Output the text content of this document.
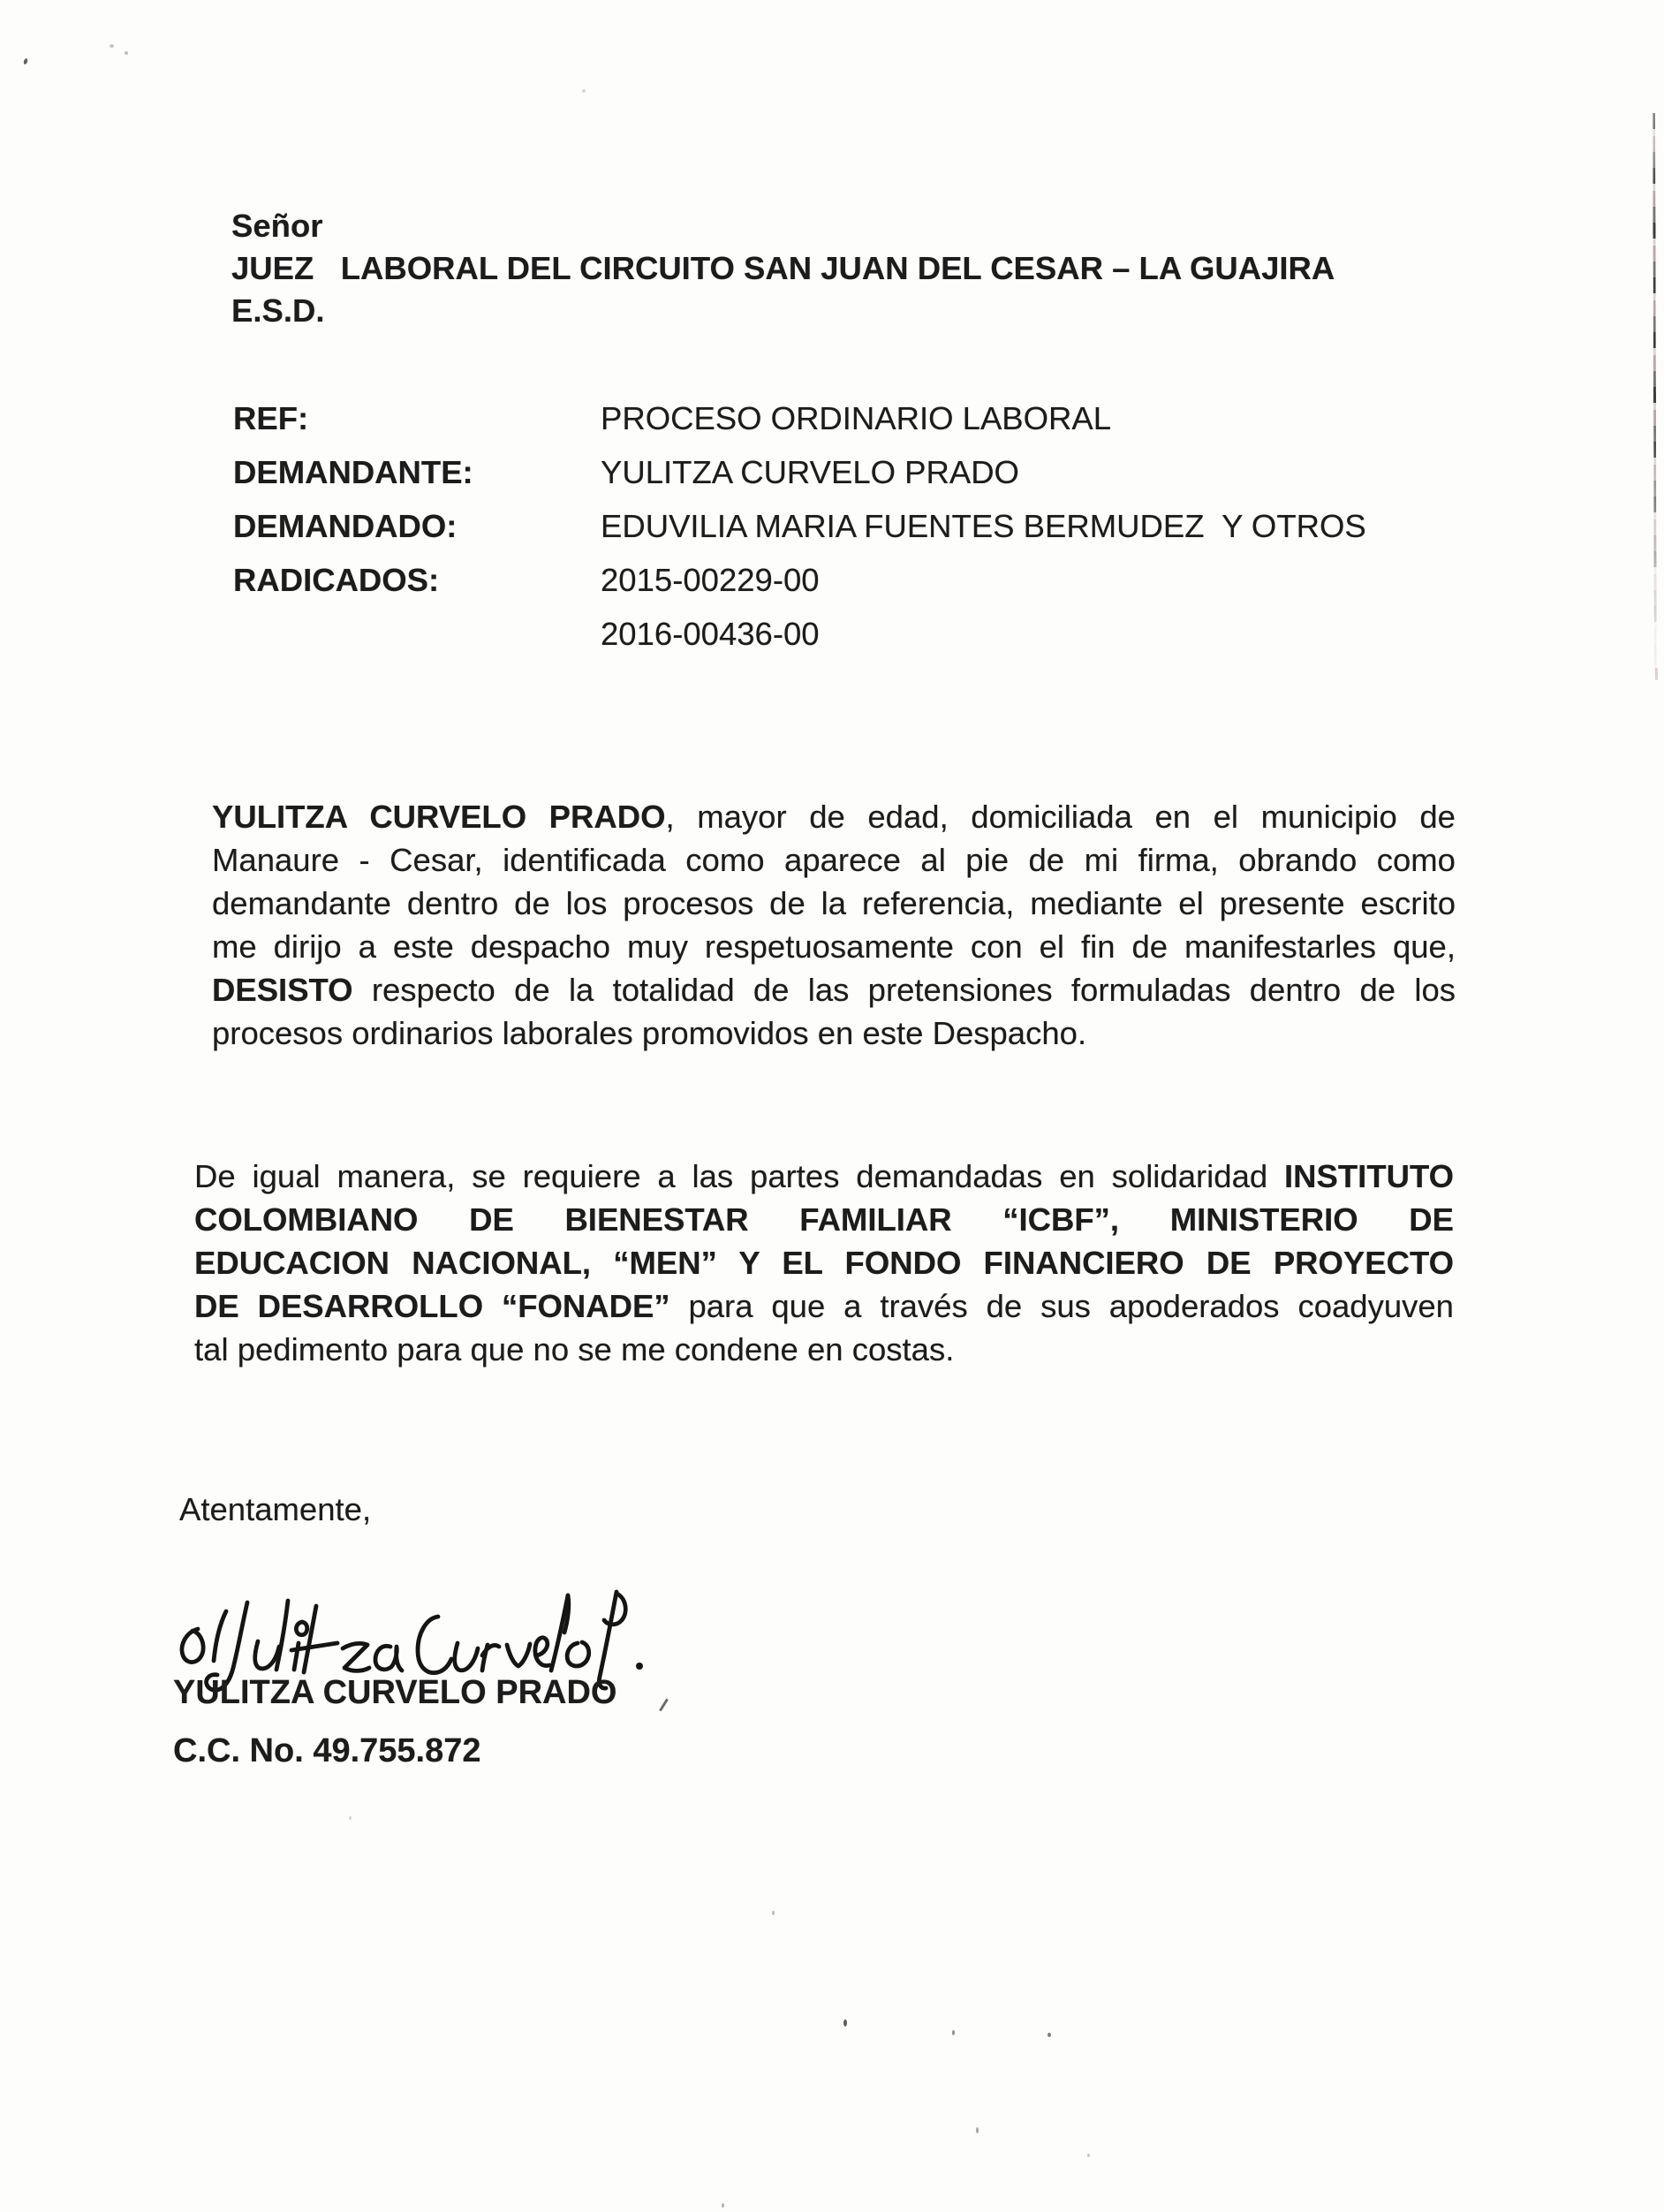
Señor
JUEZ   LABORAL DEL CIRCUITO SAN JUAN DEL CESAR – LA GUAJIRA
E.S.D.
REF:	PROCESO ORDINARIO LABORAL
DEMANDANTE:	YULITZA CURVELO PRADO
DEMANDADO:	EDUVILIA MARIA FUENTES BERMUDEZ  Y OTROS
RADICADOS:	2015-00229-00
2016-00436-00
YULITZA CURVELO PRADO, mayor de edad, domiciliada en el municipio de
Manaure - Cesar, identificada como aparece al pie de mi firma, obrando como
demandante dentro de los procesos de la referencia, mediante el presente escrito
me dirijo a este despacho muy respetuosamente con el fin de manifestarles que,
DESISTO respecto de la totalidad de las pretensiones formuladas dentro de los
procesos ordinarios laborales promovidos en este Despacho.
De igual manera, se requiere a las partes demandadas en solidaridad INSTITUTO
COLOMBIANO DE BIENESTAR FAMILIAR “ICBF”, MINISTERIO DE
EDUCACION NACIONAL, “MEN” Y EL FONDO FINANCIERO DE PROYECTO
DE DESARROLLO “FONADE” para que a través de sus apoderados coadyuven
tal pedimento para que no se me condene en costas.
Atentamente,
YULITZA CURVELO PRADO
C.C. No. 49.755.872
